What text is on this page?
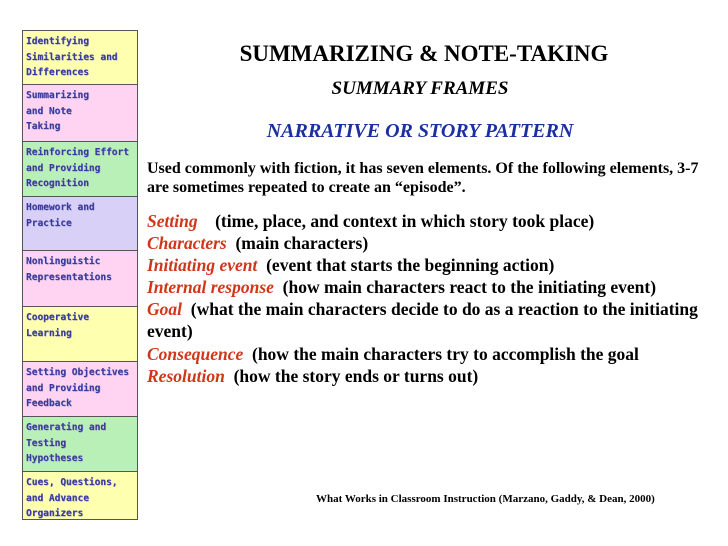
Identifying
Similarities and
Differences
Summarizing
and Note
Taking
Reinforcing Effort
and Providing
Recognition
Homework and
Practice
Nonlinguistic
Representations
Cooperative
Learning
Setting Objectives
and Providing
Feedback
Generating and
Testing
Hypotheses
Cues, Questions,
and Advance
Organizers
SUMMARIZING & NOTE-TAKING
SUMMARY FRAMES
NARRATIVE OR STORY PATTERN
Used commonly with fiction, it has seven elements. Of the following elements, 3-7 are sometimes repeated to create an “episode”.
Setting (time, place, and context in which story took place)
Characters (main characters)
Initiating event (event that starts the beginning action)
Internal response (how main characters react to the initiating event)
Goal (what the main characters decide to do as a reaction to the initiating event)
Consequence (how the main characters try to accomplish the goal
Resolution (how the story ends or turns out)
What Works in Classroom Instruction (Marzano, Gaddy, & Dean, 2000)
